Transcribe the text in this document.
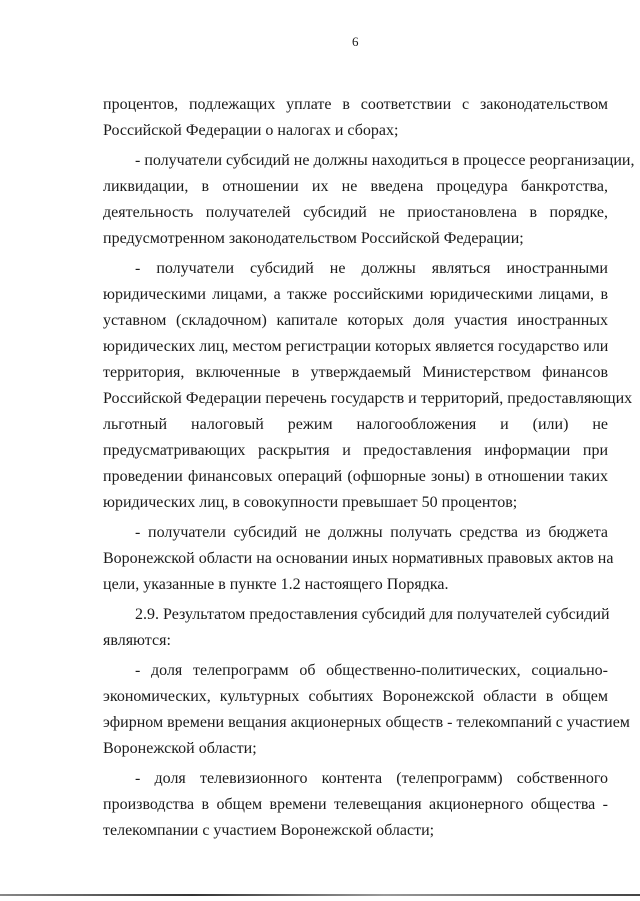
6
процентов, подлежащих уплате в соответствии с законодательством
Российской Федерации о налогах и сборах;
- получатели субсидий не должны находиться в процессе реорганизации,
ликвидации, в отношении их не введена процедура банкротства,
деятельность получателей субсидий не приостановлена в порядке,
предусмотренном законодательством Российской Федерации;
- получатели субсидий не должны являться иностранными
юридическими лицами, а также российскими юридическими лицами, в
уставном (складочном) капитале которых доля участия иностранных
юридических лиц, местом регистрации которых является государство или
территория, включенные в утверждаемый Министерством финансов
Российской Федерации перечень государств и территорий, предоставляющих
льготный налоговый режим налогообложения и (или) не
предусматривающих раскрытия и предоставления информации при
проведении финансовых операций (офшорные зоны) в отношении таких
юридических лиц, в совокупности превышает 50 процентов;
- получатели субсидий не должны получать средства из бюджета
Воронежской области на основании иных нормативных правовых актов на
цели, указанные в пункте 1.2 настоящего Порядка.
2.9. Результатом предоставления субсидий для получателей субсидий
являются:
- доля телепрограмм об общественно-политических, социально-
экономических, культурных событиях Воронежской области в общем
эфирном времени вещания акционерных обществ - телекомпаний с участием
Воронежской области;
- доля телевизионного контента (телепрограмм) собственного
производства в общем времени телевещания акционерного общества -
телекомпании с участием Воронежской области;
